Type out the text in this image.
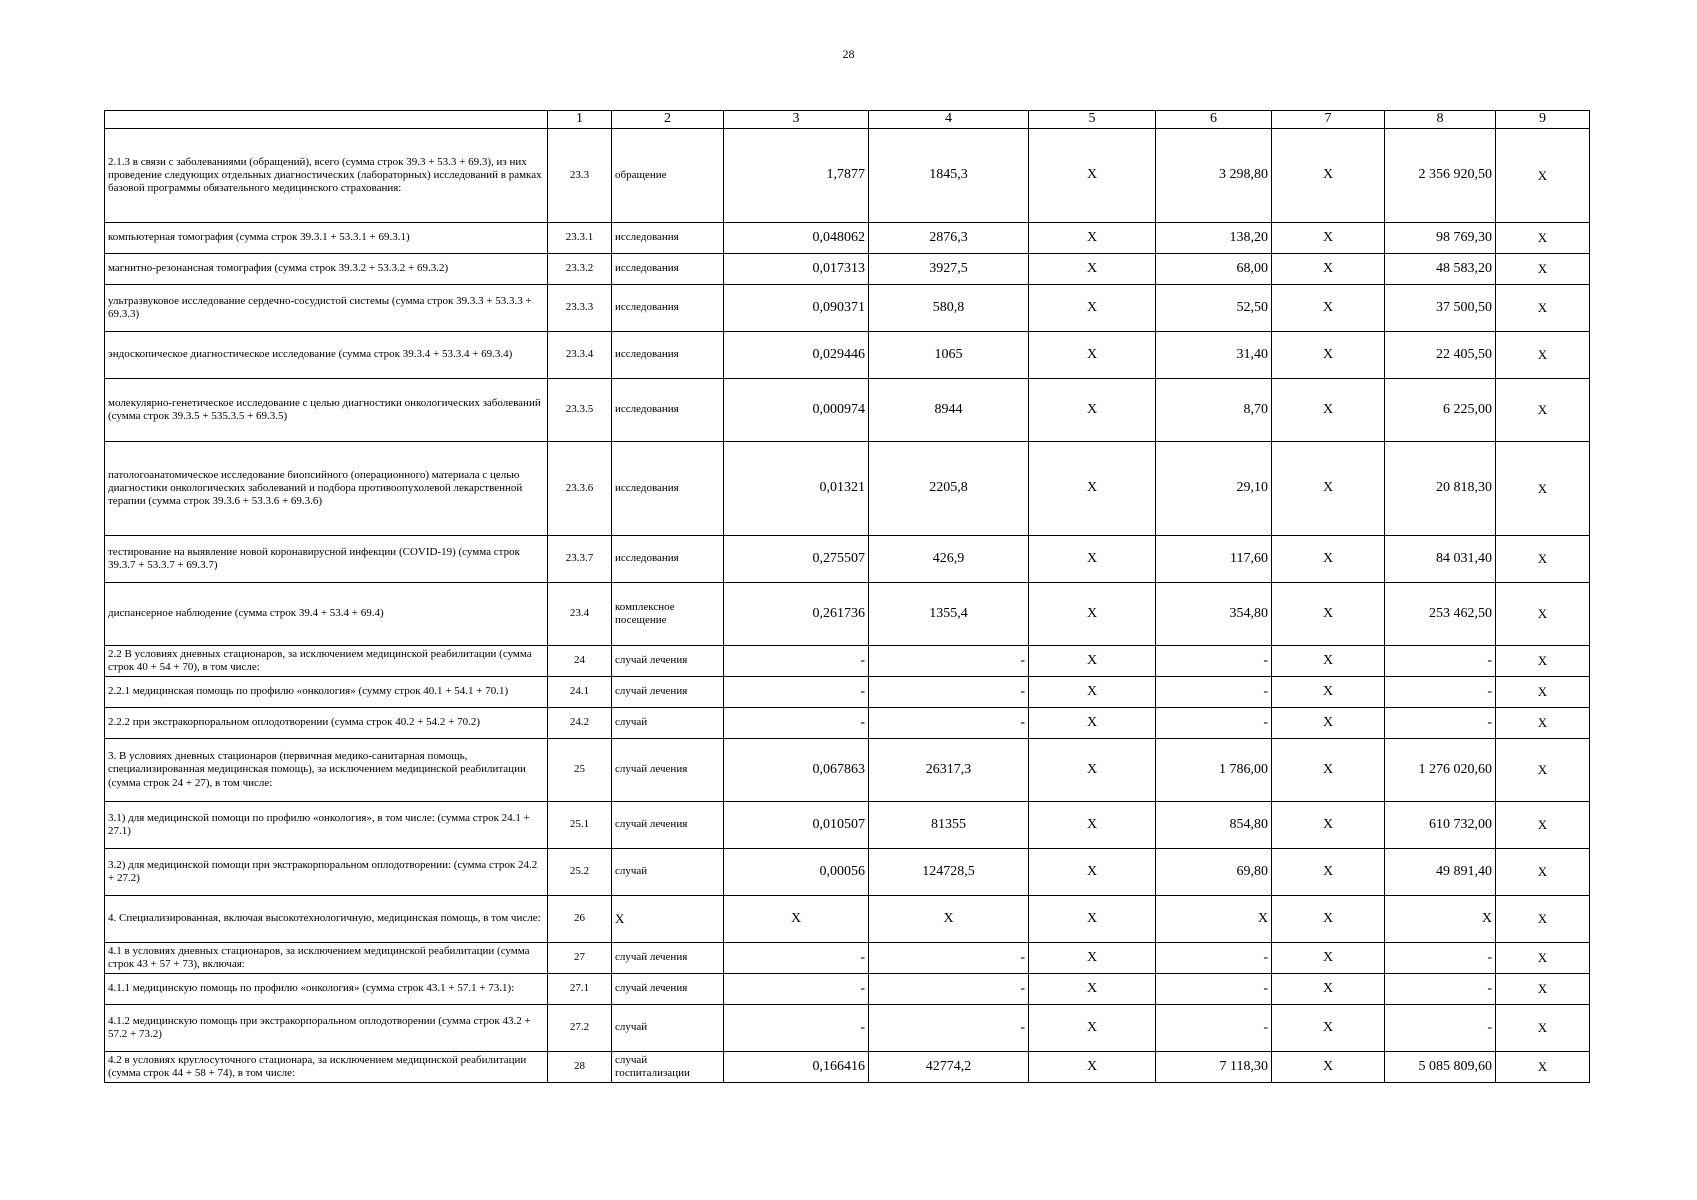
28
	1	2	3	4	5	6	7	8	9
2.1.3 в связи с заболеваниями (обращений), всего (сумма строк 39.3 + 53.3 + 69.3), из них проведение следующих отдельных диагностических (лабораторных) исследований в рамках базовой программы обязательного медицинского страхования:	23.3	обращение	1,7877	1845,3	X	3 298,80	X	2 356 920,50	X
компьютерная томография (сумма строк 39.3.1 + 53.3.1 + 69.3.1)	23.3.1	исследования	0,048062	2876,3	X	138,20	X	98 769,30	X
магнитно-резонансная томография (сумма строк 39.3.2 + 53.3.2 + 69.3.2)	23.3.2	исследования	0,017313	3927,5	X	68,00	X	48 583,20	X
ультразвуковое исследование сердечно-сосудистой системы (сумма строк 39.3.3 + 53.3.3 + 69.3.3)	23.3.3	исследования	0,090371	580,8	X	52,50	X	37 500,50	X
эндоскопическое диагностическое исследование (сумма строк 39.3.4 + 53.3.4 + 69.3.4)	23.3.4	исследования	0,029446	1065	X	31,40	X	22 405,50	X
молекулярно-генетическое исследование с целью диагностики онкологических заболеваний (сумма строк 39.3.5 + 535.3.5 + 69.3.5)	23.3.5	исследования	0,000974	8944	X	8,70	X	6 225,00	X
патологоанатомическое исследование биопсийного (операционного) материала с целью диагностики онкологических заболеваний и подбора противоопухолевой лекарственной терапии (сумма строк 39.3.6 + 53.3.6 + 69.3.6)	23.3.6	исследования	0,01321	2205,8	X	29,10	X	20 818,30	X
тестирование на выявление новой коронавирусной инфекции (COVID-19) (сумма строк 39.3.7 + 53.3.7 + 69.3.7)	23.3.7	исследования	0,275507	426,9	X	117,60	X	84 031,40	X
диспансерное наблюдение (сумма строк 39.4 + 53.4 + 69.4)	23.4	комплексное посещение	0,261736	1355,4	X	354,80	X	253 462,50	X
2.2 В условиях дневных стационаров, за исключением медицинской реабилитации (сумма строк 40 + 54 + 70), в том числе:	24	случай лечения	-	-	X	-	X	-	X
2.2.1 медицинская помощь по профилю «онкология» (сумму строк 40.1 + 54.1 + 70.1)	24.1	случай лечения	-	-	X	-	X	-	X
2.2.2 при экстракорпоральном оплодотворении (сумма строк 40.2 + 54.2 + 70.2)	24.2	случай	-	-	X	-	X	-	X
3. В условиях дневных стационаров (первичная медико-санитарная помощь, специализированная медицинская помощь), за исключением медицинской реабилитации (сумма строк 24 + 27), в том числе:	25	случай лечения	0,067863	26317,3	X	1 786,00	X	1 276 020,60	X
3.1) для медицинской помощи по профилю «онкология», в том числе: (сумма строк 24.1 + 27.1)	25.1	случай лечения	0,010507	81355	X	854,80	X	610 732,00	X
3.2) для медицинской помощи при экстракорпоральном оплодотворении: (сумма строк 24.2 + 27.2)	25.2	случай	0,00056	124728,5	X	69,80	X	49 891,40	X
4. Специализированная, включая высокотехнологичную, медицинская помощь, в том числе:	26	X	X	X	X	X	X	X	X
4.1 в условиях дневных стационаров, за исключением медицинской реабилитации (сумма строк 43 + 57 + 73), включая:	27	случай лечения	-	-	X	-	X	-	X
4.1.1 медицинскую помощь по профилю «онкология» (сумма строк 43.1 + 57.1 + 73.1):	27.1	случай лечения	-	-	X	-	X	-	X
4.1.2 медицинскую помощь при экстракорпоральном оплодотворении (сумма строк 43.2 + 57.2 + 73.2)	27.2	случай	-	-	X	-	X	-	X
4.2 в условиях круглосуточного стационара, за исключением медицинской реабилитации (сумма строк 44 + 58 + 74), в том числе:	28	случай госпитализации	0,166416	42774,2	X	7 118,30	X	5 085 809,60	X
